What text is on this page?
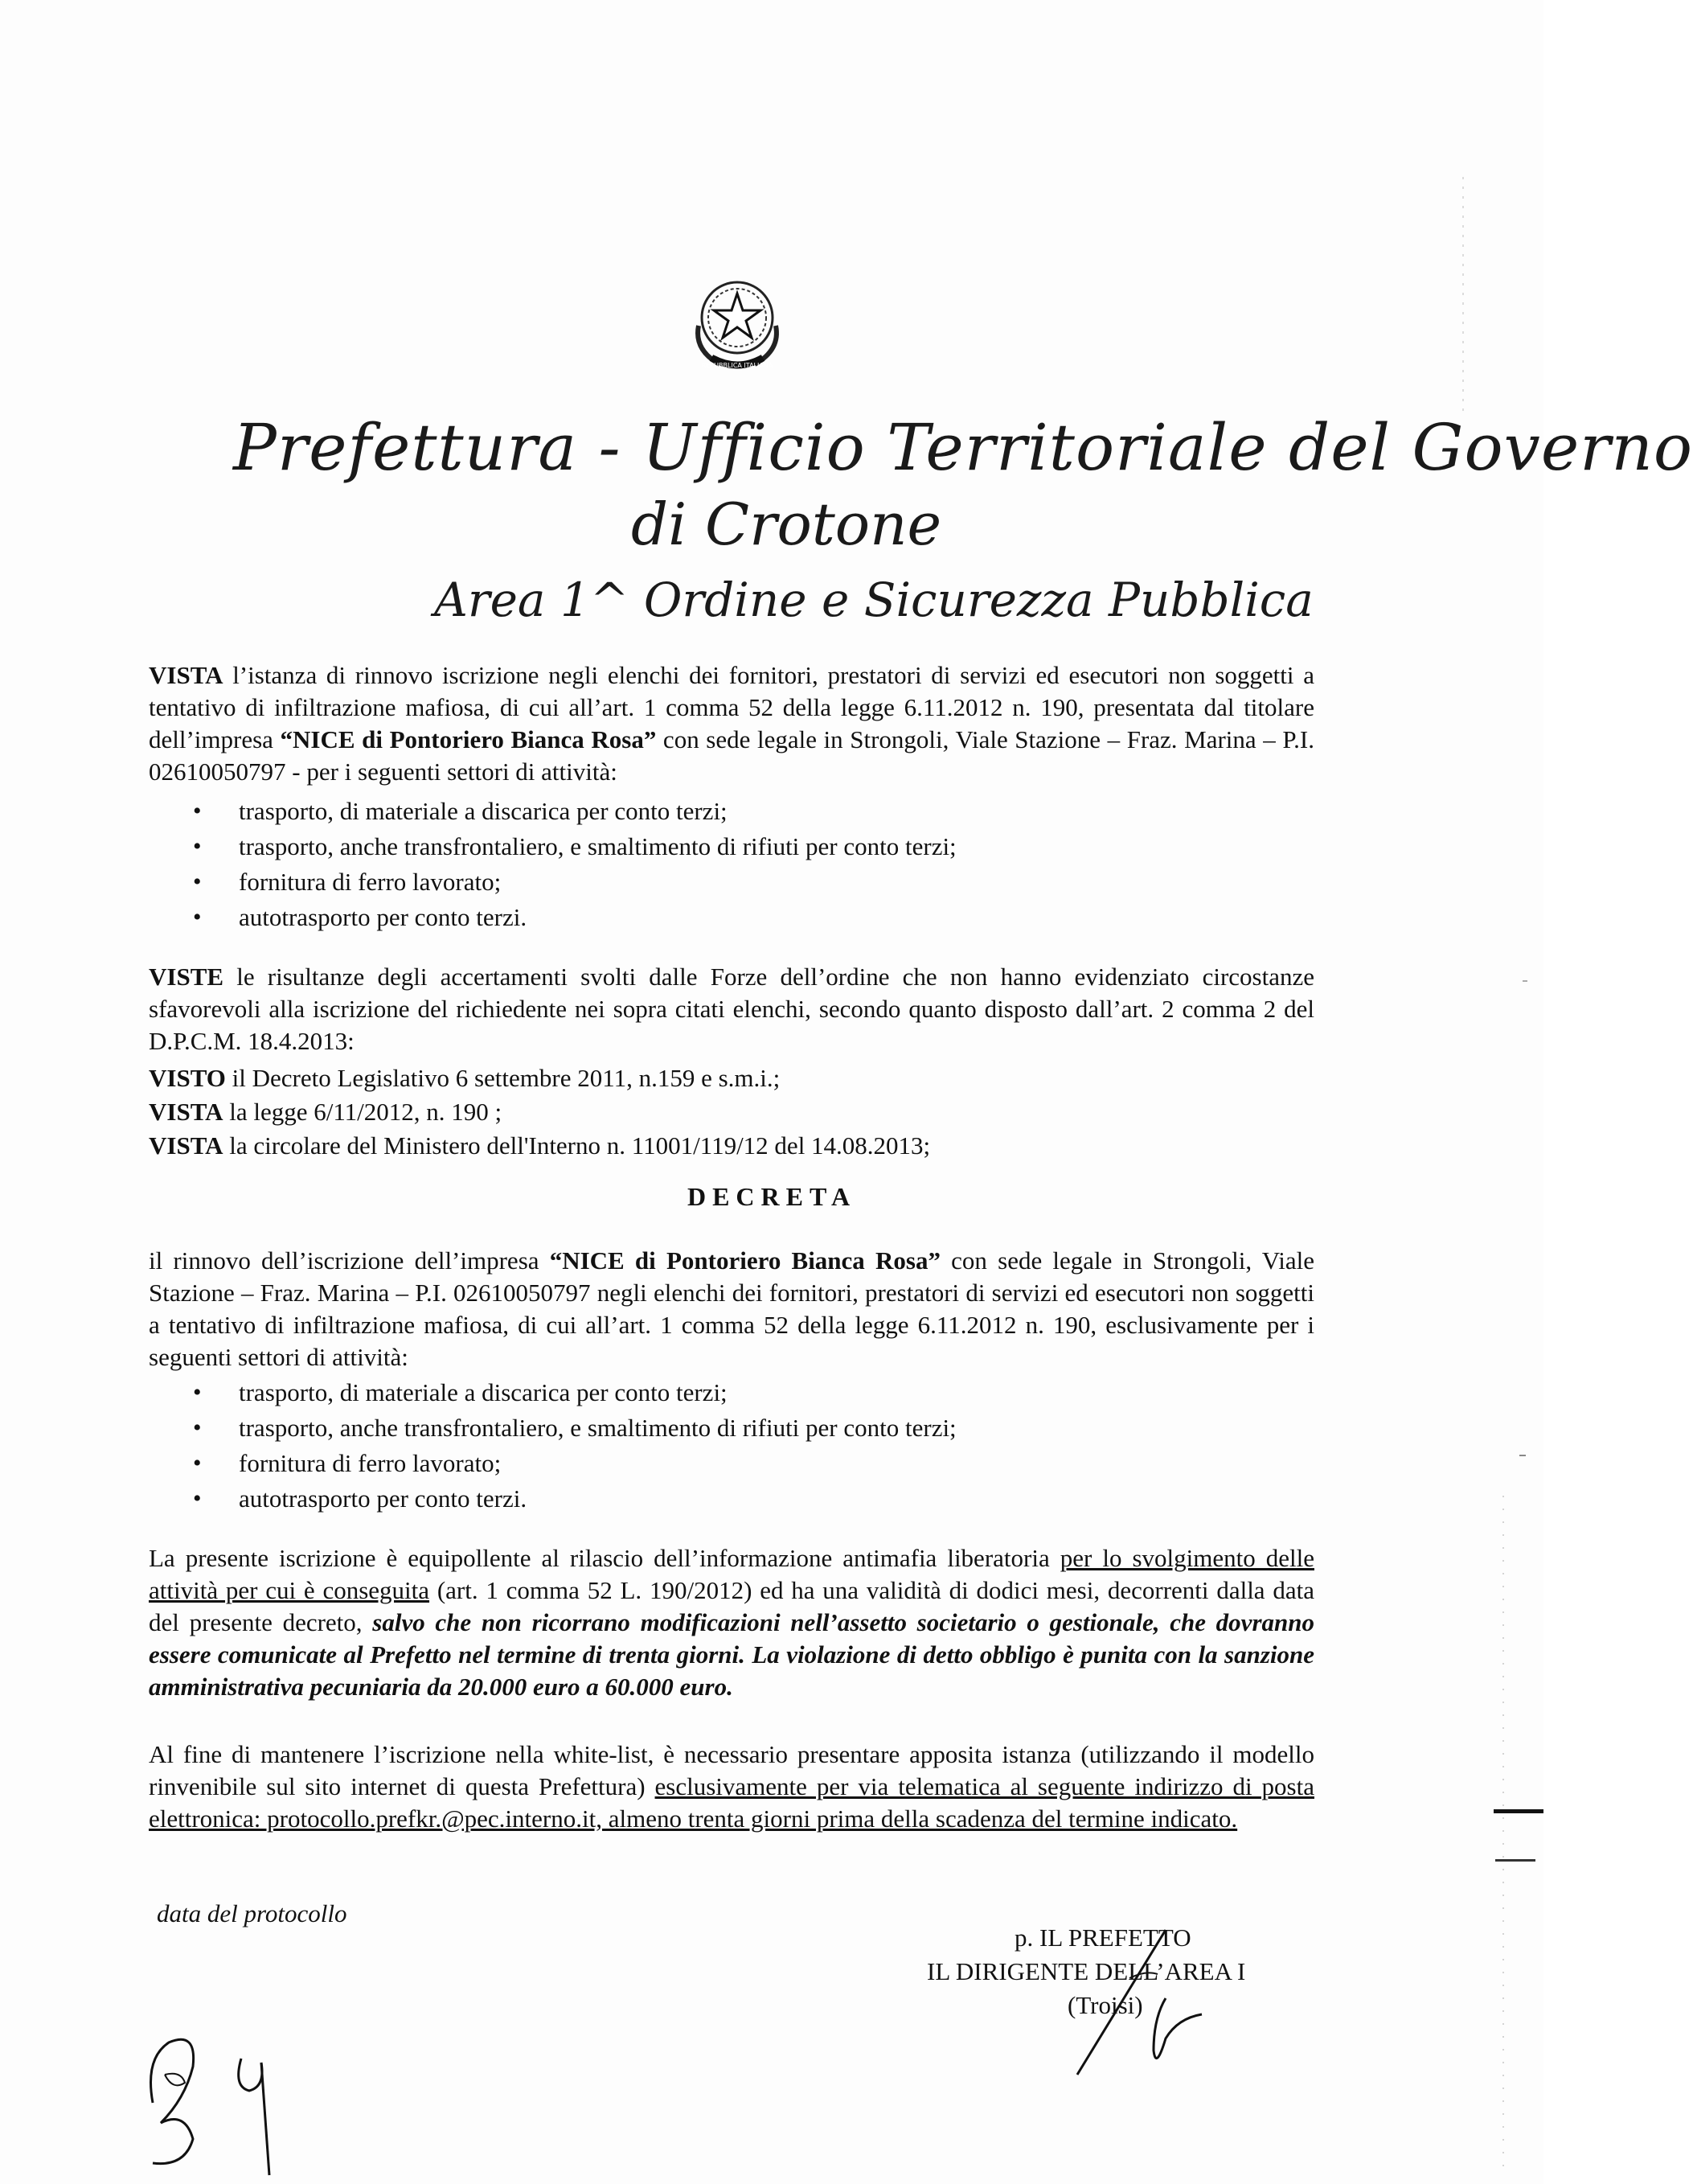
REPUBBLICA ITALIANA
Prefettura - Ufficio Territoriale del Governo
di Crotone
Area 1^ Ordine e Sicurezza Pubblica
VISTA l’istanza di rinnovo iscrizione negli elenchi dei fornitori, prestatori di servizi ed esecutori non soggetti a tentativo di infiltrazione mafiosa, di cui all’art. 1 comma 52 della legge 6.11.2012 n. 190, presentata dal titolare dell’impresa “NICE di Pontoriero Bianca Rosa” con sede legale in Strongoli, Viale Stazione – Fraz. Marina – P.I. 02610050797 - per i seguenti settori di attività:
• trasporto, di materiale a discarica per conto terzi;
• trasporto, anche transfrontaliero, e smaltimento di rifiuti per conto terzi;
• fornitura di ferro lavorato;
• autotrasporto per conto terzi.
VISTE le risultanze degli accertamenti svolti dalle Forze dell’ordine che non hanno evidenziato circostanze sfavorevoli alla iscrizione del richiedente nei sopra citati elenchi, secondo quanto disposto dall’art. 2 comma 2 del D.P.C.M. 18.4.2013:
VISTO il Decreto Legislativo 6 settembre 2011, n.159 e s.m.i.;
VISTA la legge 6/11/2012, n. 190 ;
VISTA la circolare del Ministero dell'Interno n. 11001/119/12 del 14.08.2013;
DECRETA
il rinnovo dell’iscrizione dell’impresa “NICE di Pontoriero Bianca Rosa” con sede legale in Strongoli, Viale Stazione – Fraz. Marina – P.I. 02610050797 negli elenchi dei fornitori, prestatori di servizi ed esecutori non soggetti a tentativo di infiltrazione mafiosa, di cui all’art. 1 comma 52 della legge 6.11.2012 n. 190, esclusivamente per i seguenti settori di attività:
• trasporto, di materiale a discarica per conto terzi;
• trasporto, anche transfrontaliero, e smaltimento di rifiuti per conto terzi;
• fornitura di ferro lavorato;
• autotrasporto per conto terzi.
La presente iscrizione è equipollente al rilascio dell’informazione antimafia liberatoria per lo svolgimento delle attività per cui è conseguita (art. 1 comma 52 L. 190/2012) ed ha una validità di dodici mesi, decorrenti dalla data del presente decreto, salvo che non ricorrano modificazioni nell’assetto societario o gestionale, che dovranno essere comunicate al Prefetto nel termine di trenta giorni. La violazione di detto obbligo è punita con la sanzione amministrativa pecuniaria da 20.000 euro a 60.000 euro.
Al fine di mantenere l’iscrizione nella white-list, è necessario presentare apposita istanza (utilizzando il modello rinvenibile sul sito internet di questa Prefettura) esclusivamente per via telematica al seguente indirizzo di posta elettronica: protocollo.prefkr.@pec.interno.it, almeno trenta giorni prima della scadenza del termine indicato.
data del protocollo
p. IL PREFETTO
IL DIRIGENTE DELL’AREA I
(Troisi)
